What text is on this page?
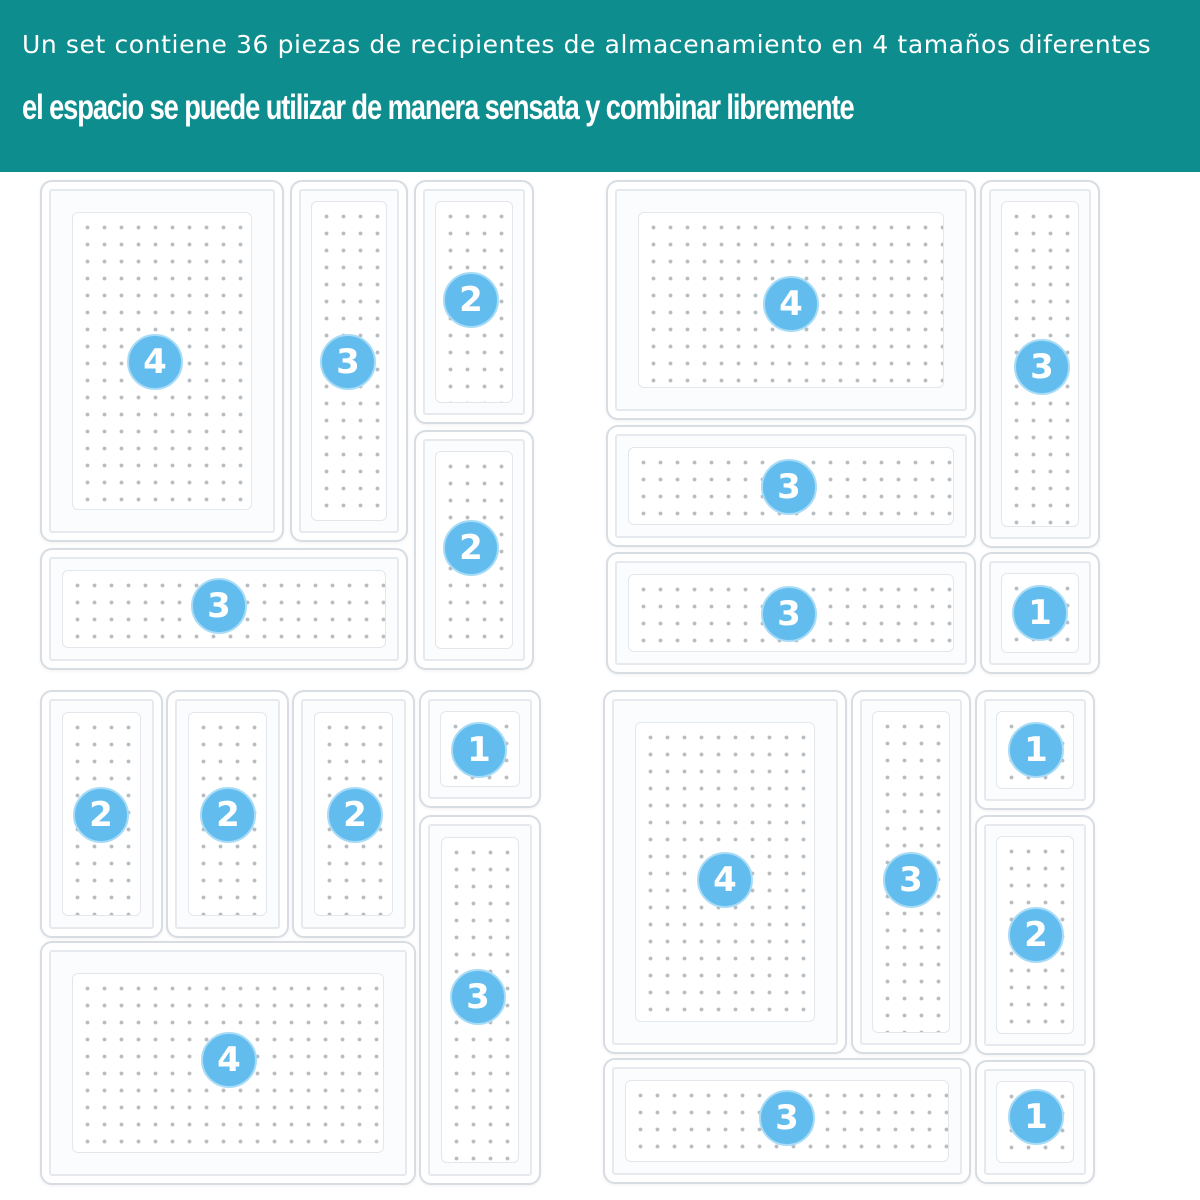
Un set contiene 36 piezas de recipientes de almacenamiento en 4 tamaños diferentes
el espacio se puede utilizar de manera sensata y combinar libremente
4	3
2
2
3
4
3
3
3
1
2	2	2
1
3
4
4	3
1
2
3	1
